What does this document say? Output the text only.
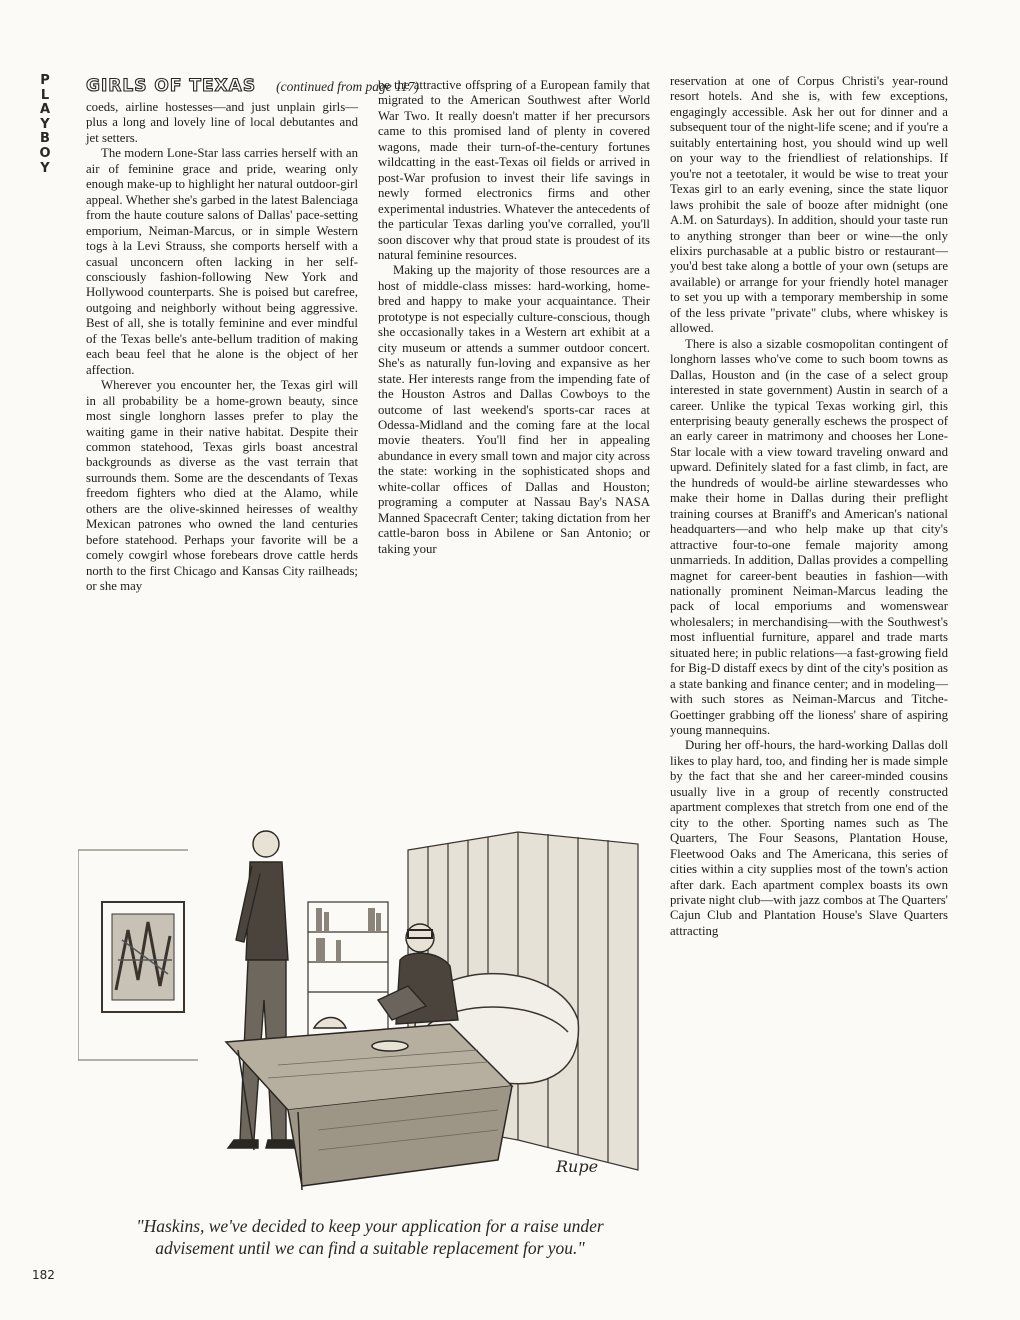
P
L
A
Y
B
O
Y
GIRLS OF TEXAS (continued from page 117)

coeds, airline hostesses—and just unplain girls—plus a long and lovely line of local debutantes and jet setters.

The modern Lone-Star lass carries herself with an air of feminine grace and pride, wearing only enough make-up to highlight her natural outdoor-girl appeal. Whether she's garbed in the latest Balenciaga from the haute couture salons of Dallas' pace-setting emporium, Neiman-Marcus, or in simple Western togs à la Levi Strauss, she comports herself with a casual unconcern often lacking in her self-consciously fashion-following New York and Hollywood counterparts. She is poised but carefree, outgoing and neighborly without being aggressive. Best of all, she is totally feminine and ever mindful of the Texas belle's ante-bellum tradition of making each beau feel that he alone is the object of her affection.

Wherever you encounter her, the Texas girl will in all probability be a home-grown beauty, since most single longhorn lasses prefer to play the waiting game in their native habitat. Despite their common statehood, Texas girls boast ancestral backgrounds as diverse as the vast terrain that surrounds them. Some are the descendants of Texas freedom fighters who died at the Alamo, while others are the olive-skinned heiresses of wealthy Mexican patrones who owned the land centuries before statehood. Perhaps your favorite will be a comely cowgirl whose forebears drove cattle herds north to the first Chicago and Kansas City railheads; or she may

be the attractive offspring of a European family that migrated to the American Southwest after World War Two. It really doesn't matter if her precursors came to this promised land of plenty in covered wagons, made their turn-of-the-century fortunes wildcatting in the east-Texas oil fields or arrived in post-War profusion to invest their life savings in newly formed electronics firms and other experimental industries. Whatever the antecedents of the particular Texas darling you've corralled, you'll soon discover why that proud state is proudest of its natural feminine resources.

Making up the majority of those resources are a host of middle-class misses: hard-working, home-bred and happy to make your acquaintance. Their prototype is not especially culture-conscious, though she occasionally takes in a Western art exhibit at a city museum or attends a summer outdoor concert. She's as naturally fun-loving and expansive as her state. Her interests range from the impending fate of the Houston Astros and Dallas Cowboys to the outcome of last weekend's sports-car races at Odessa-Midland and the coming fare at the local movie theaters. You'll find her in appealing abundance in every small town and major city across the state: working in the sophisticated shops and white-collar offices of Dallas and Houston; programing a computer at Nassau Bay's NASA Manned Spacecraft Center; taking dictation from her cattle-baron boss in Abilene or San Antonio; or taking your

reservation at one of Corpus Christi's year-round resort hotels. And she is, with few exceptions, engagingly accessible. Ask her out for dinner and a subsequent tour of the night-life scene; and if you're a suitably entertaining host, you should wind up well on your way to the friendliest of relationships. If you're not a teetotaler, it would be wise to treat your Texas girl to an early evening, since the state liquor laws prohibit the sale of booze after midnight (one A.M. on Saturdays). In addition, should your taste run to anything stronger than beer or wine—the only elixirs purchasable at a public bistro or restaurant—you'd best take along a bottle of your own (setups are available) or arrange for your friendly hotel manager to set you up with a temporary membership in some of the less private "private" clubs, where whiskey is allowed.

There is also a sizable cosmopolitan contingent of longhorn lasses who've come to such boom towns as Dallas, Houston and (in the case of a select group interested in state government) Austin in search of a career. Unlike the typical Texas working girl, this enterprising beauty generally eschews the prospect of an early career in matrimony and chooses her Lone-Star locale with a view toward traveling onward and upward. Definitely slated for a fast climb, in fact, are the hundreds of would-be airline stewardesses who make their home in Dallas during their preflight training courses at Braniff's and American's national headquarters—and who help make up that city's attractive four-to-one female majority among unmarrieds. In addition, Dallas provides a compelling magnet for career-bent beauties in fashion—with nationally prominent Neiman-Marcus leading the pack of local emporiums and womenswear wholesalers; in merchandising—with the Southwest's most influential furniture, apparel and trade marts situated here; in public relations—a fast-growing field for Big-D distaff execs by dint of the city's position as a state banking and finance center; and in modeling—with such stores as Neiman-Marcus and Titche-Goettinger grabbing off the lioness' share of aspiring young mannequins.

During her off-hours, the hard-working Dallas doll likes to play hard, too, and finding her is made simple by the fact that she and her career-minded cousins usually live in a group of recently constructed apartment complexes that stretch from one end of the city to the other. Sporting names such as The Quarters, The Four Seasons, Plantation House, Fleetwood Oaks and The Americana, this series of cities within a city supplies most of the town's action after dark. Each apartment complex boasts its own private night club—with jazz combos at The Quarters' Cajun Club and Plantation House's Slave Quarters attracting

Rupe
"Haskins, we've decided to keep your application for a raise under advisement until we can find a suitable replacement for you."
182
